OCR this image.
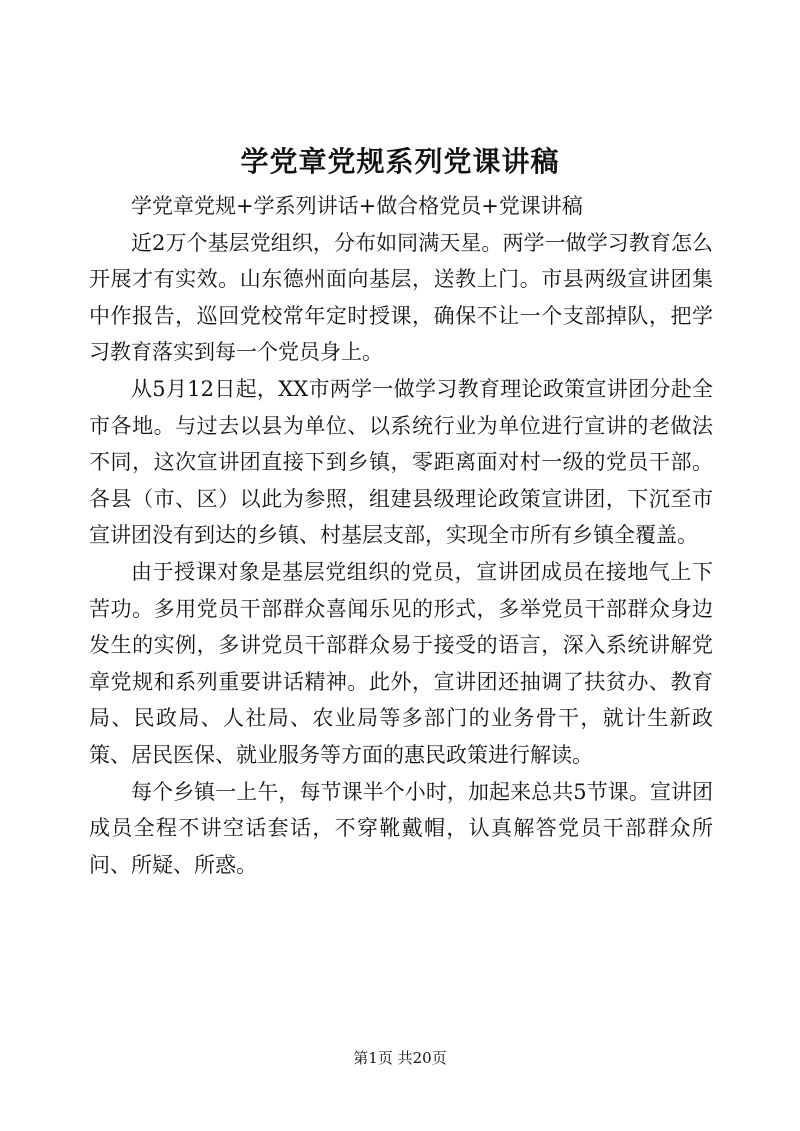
学党章党规系列党课讲稿

学党章党规+学系列讲话+做合格党员+党课讲稿

近2万个基层党组织，分布如同满天星。两学一做学习教育怎么开展才有实效。山东德州面向基层，送教上门。市县两级宣讲团集中作报告，巡回党校常年定时授课，确保不让一个支部掉队，把学习教育落实到每一个党员身上。

从5月12日起，XX市两学一做学习教育理论政策宣讲团分赴全市各地。与过去以县为单位、以系统行业为单位进行宣讲的老做法不同，这次宣讲团直接下到乡镇，零距离面对村一级的党员干部。各县（市、区）以此为参照，组建县级理论政策宣讲团，下沉至市宣讲团没有到达的乡镇、村基层支部，实现全市所有乡镇全覆盖。

由于授课对象是基层党组织的党员，宣讲团成员在接地气上下苦功。多用党员干部群众喜闻乐见的形式，多举党员干部群众身边发生的实例，多讲党员干部群众易于接受的语言，深入系统讲解党章党规和系列重要讲话精神。此外，宣讲团还抽调了扶贫办、教育局、民政局、人社局、农业局等多部门的业务骨干，就计生新政策、居民医保、就业服务等方面的惠民政策进行解读。

每个乡镇一上午，每节课半个小时，加起来总共5节课。宣讲团成员全程不讲空话套话，不穿靴戴帽，认真解答党员干部群众所问、所疑、所惑。

第1页 共20页
